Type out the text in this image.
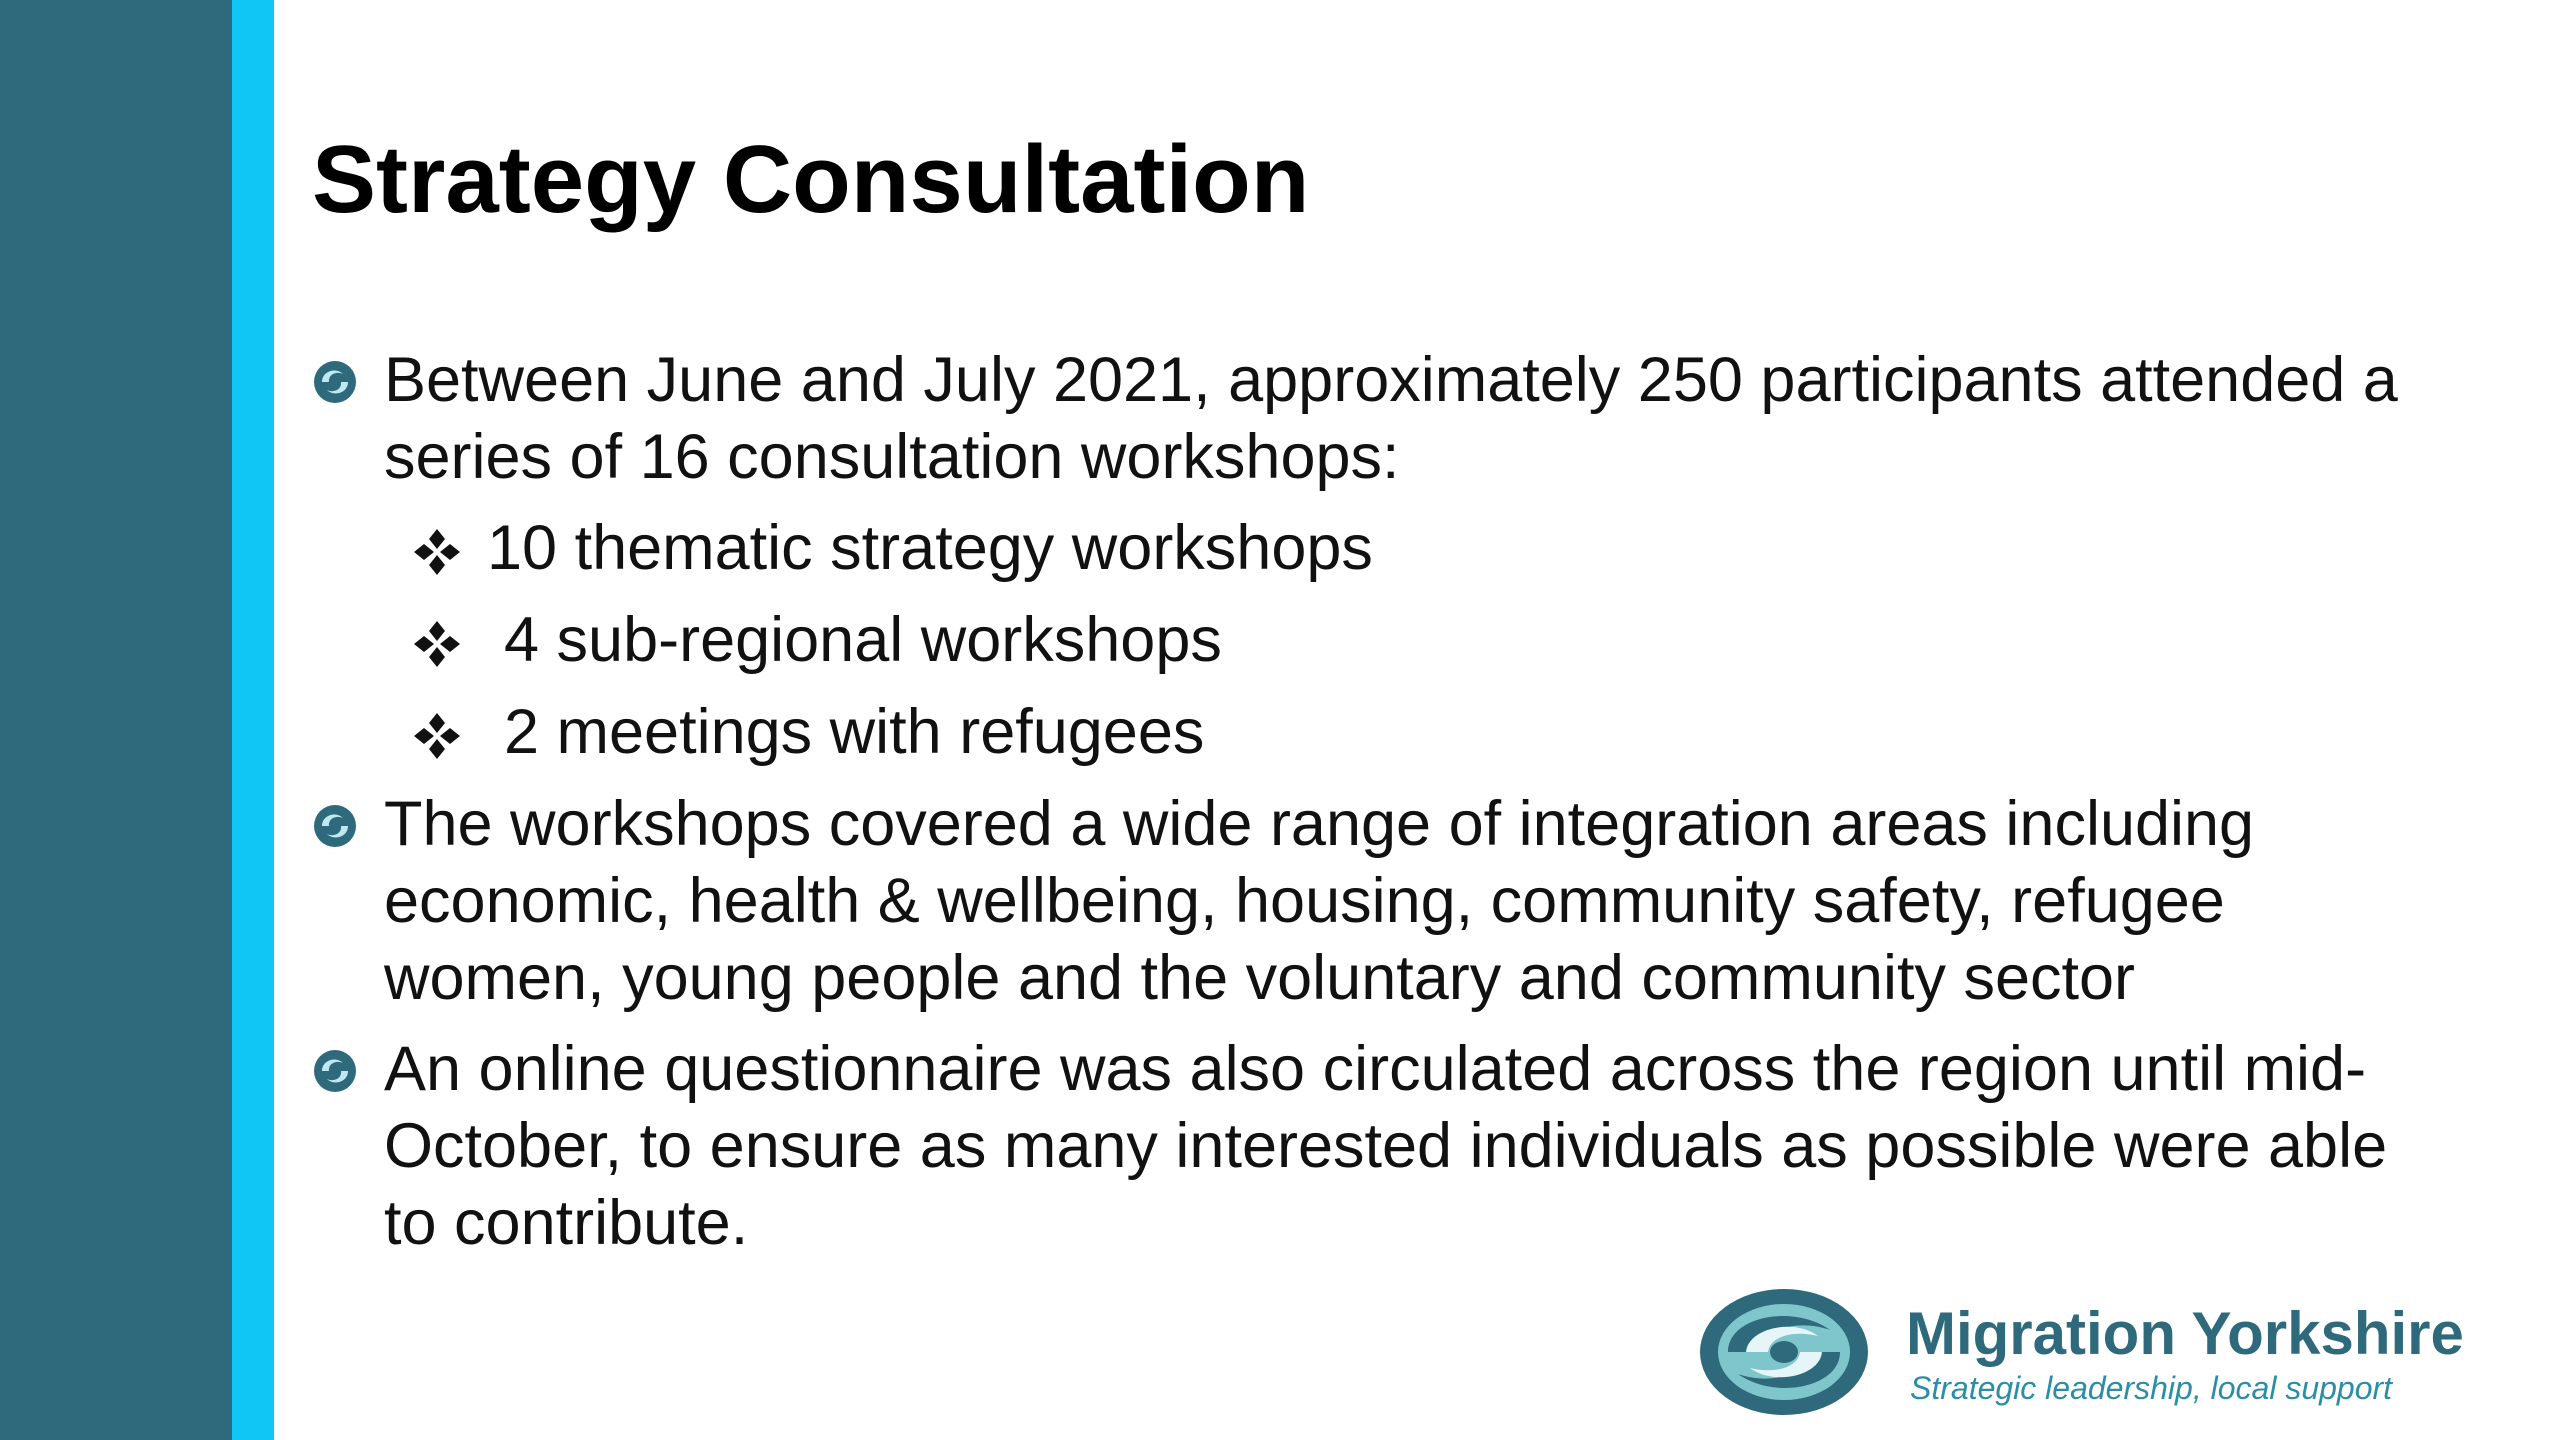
Strategy Consultation
Between June and July 2021, approximately 250 participants attended a series of 16 consultation workshops:
10 thematic strategy workshops
4 sub-regional workshops
2 meetings with refugees
The workshops covered a wide range of integration areas including economic, health & wellbeing, housing, community safety, refugee women, young people and the voluntary and community sector
An online questionnaire was also circulated across the region until mid-October, to ensure as many interested individuals as possible were able to contribute.
Migration Yorkshire
Strategic leadership, local support
